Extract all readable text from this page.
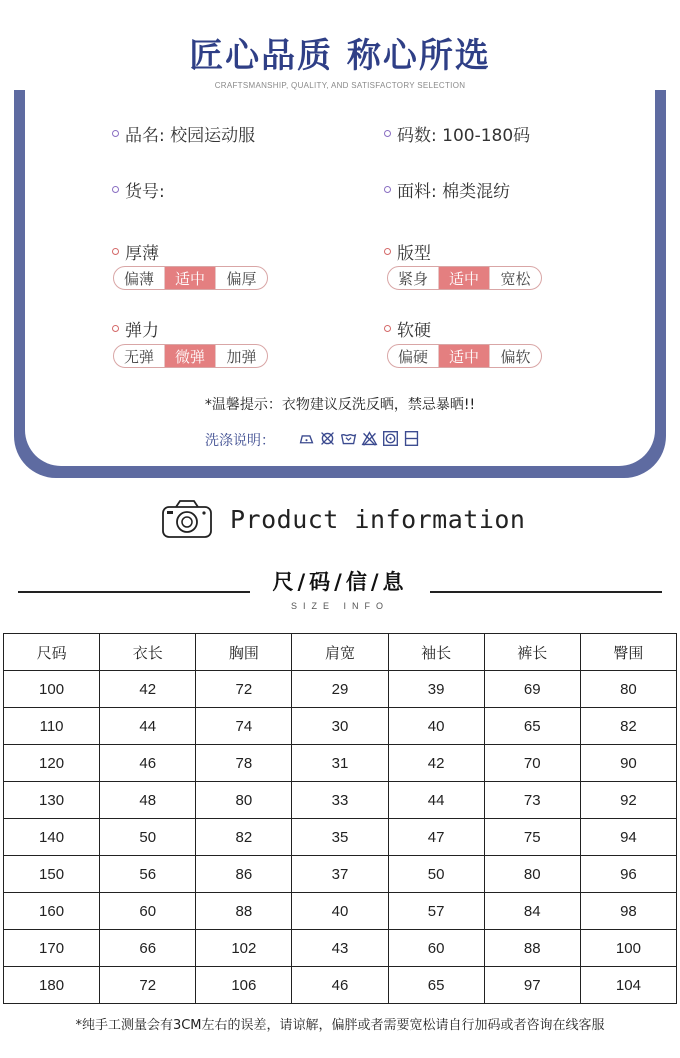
匠心品质 称心所选
CRAFTSMANSHIP, QUALITY, AND SATISFACTORY SELECTION
品名: 校园运动服	码数: 100-180码
货号:	面料: 棉类混纺
厚薄
偏薄	适中	偏厚
版型
紧身	适中	宽松
弹力
无弹	微弹	加弹
软硬
偏硬	适中	偏软
*温馨提示：衣物建议反洗反晒，禁忌暴晒!!
洗涤说明：
Product information
尺/码/信/息
SIZE INFO
尺码	衣长	胸围	肩宽	袖长	裤长	臀围
100	42	72	29	39	69	80
110	44	74	30	40	65	82
120	46	78	31	42	70	90
130	48	80	33	44	73	92
140	50	82	35	47	75	94
150	56	86	37	50	80	96
160	60	88	40	57	84	98
170	66	102	43	60	88	100
180	72	106	46	65	97	104
*纯手工测量会有3CM左右的误差，请谅解，偏胖或者需要宽松请自行加码或者咨询在线客服
